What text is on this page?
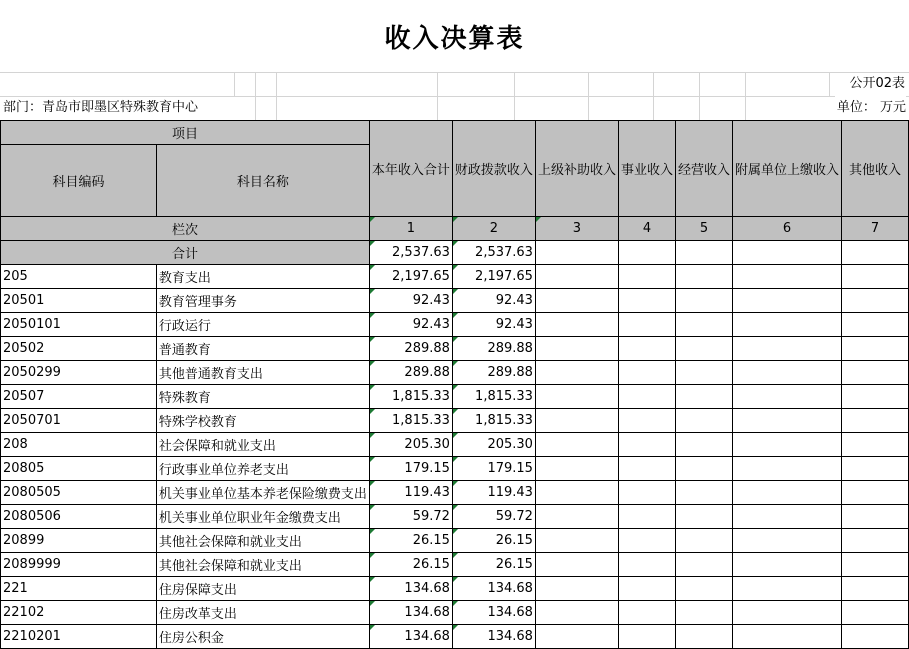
收入决算表
公开02表
部门：青岛市即墨区特殊教育中心	单位： 万元
项目		本年收入合计	财政拨款收入	上级补助收入	事业收入	经营收入	附属单位上缴收入	其他收入
科目编码	科目名称							
栏次		1	2	3	4	5	6	7
合计		2,537.63	2,537.63					
205	教育支出	2,197.65	2,197.65					
20501	教育管理事务	92.43	92.43					
2050101	行政运行	92.43	92.43					
20502	普通教育	289.88	289.88					
2050299	其他普通教育支出	289.88	289.88					
20507	特殊教育	1,815.33	1,815.33					
2050701	特殊学校教育	1,815.33	1,815.33					
208	社会保障和就业支出	205.30	205.30					
20805	行政事业单位养老支出	179.15	179.15					
2080505	机关事业单位基本养老保险缴费支出	119.43	119.43					
2080506	机关事业单位职业年金缴费支出	59.72	59.72					
20899	其他社会保障和就业支出	26.15	26.15					
2089999	其他社会保障和就业支出	26.15	26.15					
221	住房保障支出	134.68	134.68					
22102	住房改革支出	134.68	134.68					
2210201	住房公积金	134.68	134.68					
